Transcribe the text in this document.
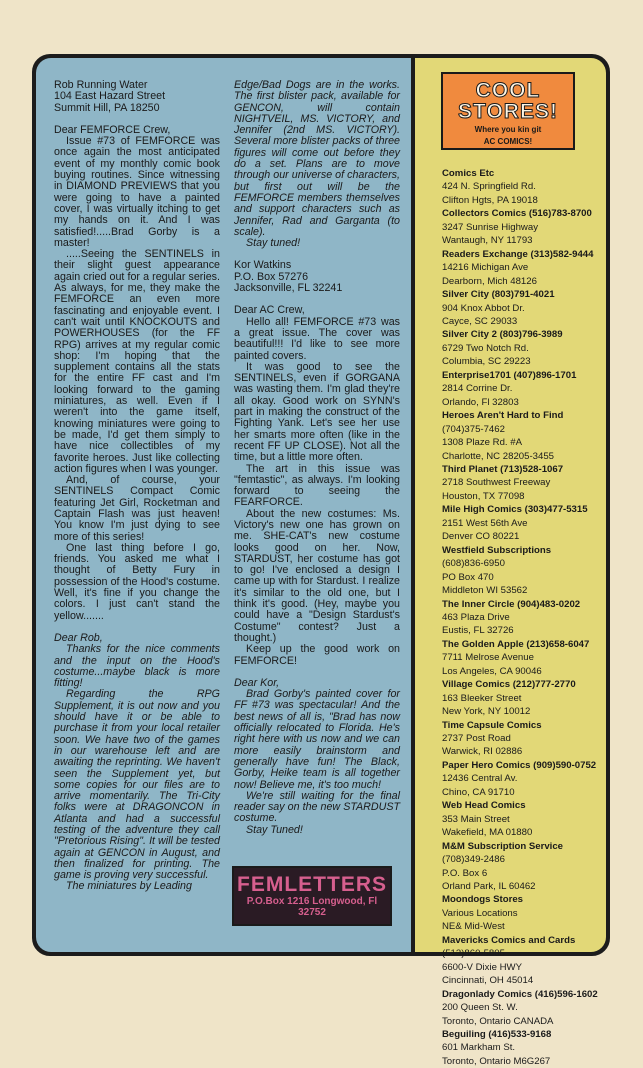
Rob Running Water

104 East Hazard Street

Summit Hill, PA 18250

Dear FEMFORCE Crew,

Issue #73 of FEMFORCE was once again the most anticipated event of my monthly comic book buying routines. Since witnessing in DIAMOND PREVIEWS that you were going to have a painted cover, I was virtually itching to get my hands on it. And I was satisfied!.....Brad Gorby is a master!

.....Seeing the SENTINELS in their slight guest appearance again cried out for a regular series. As always, for me, they make the FEMFORCE an even more fascinating and enjoyable event. I can't wait until KNOCKOUTS and POWERHOUSES (for the FF RPG) arrives at my regular comic shop: I'm hoping that the supplement contains all the stats for the entire FF cast and I'm looking forward to the gaming miniatures, as well. Even if I weren't into the game itself, knowing miniatures were going to be made, I'd get them simply to have nice collectibles of my favorite heroes. Just like collecting action figures when I was younger.

And, of course, your SENTINELS Compact Comic featuring Jet Girl, Rocketman and Captain Flash was just heaven! You know I'm just dying to see more of this series!

One last thing before I go, friends. You asked me what I thought of Betty Fury in possession of the Hood's costume. Well, it's fine if you change the colors. I just can't stand the yellow.......

Dear Rob,

Thanks for the nice comments and the input on the Hood's costume...maybe black is more fitting!

Regarding the RPG Supplement, it is out now and you should have it or be able to purchase it from your local retailer soon. We have two of the games in our warehouse left and are awaiting the reprinting. We haven't seen the Supplement yet, but some copies for our files are to arrive momentarily. The Tri-City folks were at DRAGONCON in Atlanta and had a successful testing of the adventure they call "Pretorious Rising". It will be tested again at GENCON in August, and then finalized for printing. The game is proving very successful.

The miniatures by Leading

Edge/Bad Dogs are in the works. The first blister pack, available for GENCON, will contain NIGHTVEIL, MS. VICTORY, and Jennifer (2nd MS. VICTORY). Several more blister packs of three figures will come out before they do a set. Plans are to move through our universe of characters, but first out will be the FEMFORCE members themselves and support characters such as Jennifer, Rad and Garganta (to scale).

Stay tuned!

Kor Watkins

P.O. Box 57276

Jacksonville, FL 32241

Dear AC Crew,

Hello all! FEMFORCE #73 was a great issue. The cover was beautiful!!! I'd like to see more painted covers.

It was good to see the SENTINELS, even if GORGANA was wasting them. I'm glad they're all okay. Good work on SYNN's part in making the construct of the Fighting Yank. Let's see her use her smarts more often (like in the recent FF UP CLOSE). Not all the time, but a little more often.

The art in this issue was "femtastic", as always. I'm looking forward to seeing the FEARFORCE.

About the new costumes: Ms. Victory's new one has grown on me. SHE-CAT's new costume looks good on her. Now, STARDUST, her costume has got to go! I've enclosed a design I came up with for Stardust. I realize it's similar to the old one, but I think it's good. (Hey, maybe you could have a "Design Stardust's Costume" contest? Just a thought.)

Keep up the good work on FEMFORCE!

Dear Kor,

Brad Gorby's painted cover for FF #73 was spectacular! And the best news of all is, "Brad has now officially relocated to Florida. He's right here with us now and we can more easily brainstorm and generally have fun! The Black, Gorby, Heike team is all together now! Believe me, it's too much!

We're still waiting for the final reader say on the new STARDUST costume.

Stay Tuned!

FEMLETTERS
P.O.Box 1216 Longwood, Fl
32752
COOL
STORES!
Where you kin git
AC COMICS!
Comics Etc
424 N. Springfield Rd.
Clifton Hgts, PA 19018
Collectors Comics (516)783-8700
3247 Sunrise Highway
Wantaugh, NY 11793
Readers Exchange (313)582-9444
14216 Michigan Ave
Dearborn, Mich 48126
Silver City (803)791-4021
904 Knox Abbot Dr.
Cayce, SC 29033
Silver City 2 (803)796-3989
6729 Two Notch Rd.
Columbia, SC 29223
Enterprise1701 (407)896-1701
2814 Corrine Dr.
Orlando, Fl 32803
Heroes Aren't Hard to Find
(704)375-7462
1308 Plaze Rd. #A
Charlotte, NC 28205-3455
Third Planet (713)528-1067
2718 Southwest Freeway
Houston, TX 77098
Mile High Comics (303)477-5315
2151 West 56th Ave
Denver CO 80221
Westfield Subscriptions
(608)836-6950
PO Box 470
Middleton WI 53562
The Inner Circle (904)483-0202
463 Plaza Drive
Eustis, FL 32726
The Golden Apple (213)658-6047
7711 Melrose Avenue
Los Angeles, CA 90046
Village Comics (212)777-2770
163 Bleeker Street
New York, NY 10012
Time Capsule Comics
2737 Post Road
Warwick, RI 02886
Paper Hero Comics (909)590-0752
12436 Central Av.
Chino, CA 91710
Web Head Comics
353 Main Street
Wakefield, MA 01880
M&M Subscription Service
(708)349-2486
P.O. Box 6
Orland Park, IL 60462
Moondogs Stores
Various Locations
NE& Mid-West
Mavericks Comics and Cards
(513)860-5805
6600-V Dixie HWY
Cincinnati, OH 45014
Dragonlady Comics (416)596-1602
200 Queen St. W.
Toronto, Ontario CANADA
Beguiling (416)533-9168
601 Markham St.
Toronto, Ontario M6G267
